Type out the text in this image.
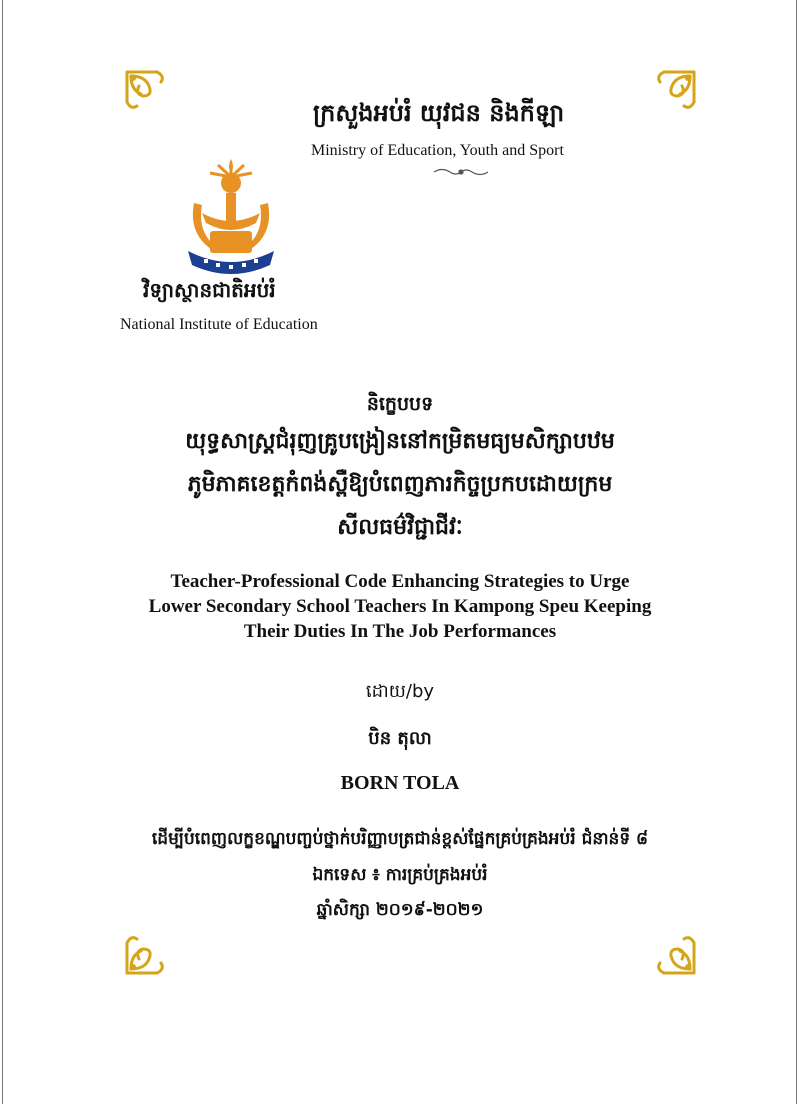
ក្រសួងអប់រំ យុវជន និងកីឡា
Ministry of Education, Youth and Sport
វិទ្យាស្ថានជាតិអប់រំ
National Institute of Education
និក្ខេបបទ
យុទ្ធសាស្ត្រជំរុញគ្រូបង្រៀននៅកម្រិតមធ្យមសិក្សាបឋម
ភូមិភាគខេត្តកំពង់ស្ពឺឱ្យបំពេញភារកិច្ចប្រកបដោយក្រម
សីលធម៌វិជ្ជាជីវៈ
Teacher-Professional Code Enhancing Strategies to Urge
Lower Secondary School Teachers In Kampong Speu Keeping
Their Duties In The Job Performances
ដោយ/by
បិន តុលា
BORN TOLA
ដើម្បីបំពេញលក្ខខណ្ឌបញ្ចប់ថ្នាក់បរិញ្ញាបត្រជាន់ខ្ពស់ផ្នែកគ្រប់គ្រងអប់រំ ជំនាន់ទី ៨
ឯកទេស ៖ ការគ្រប់គ្រងអប់រំ
ឆ្នាំសិក្សា ២០១៩-២០២១
